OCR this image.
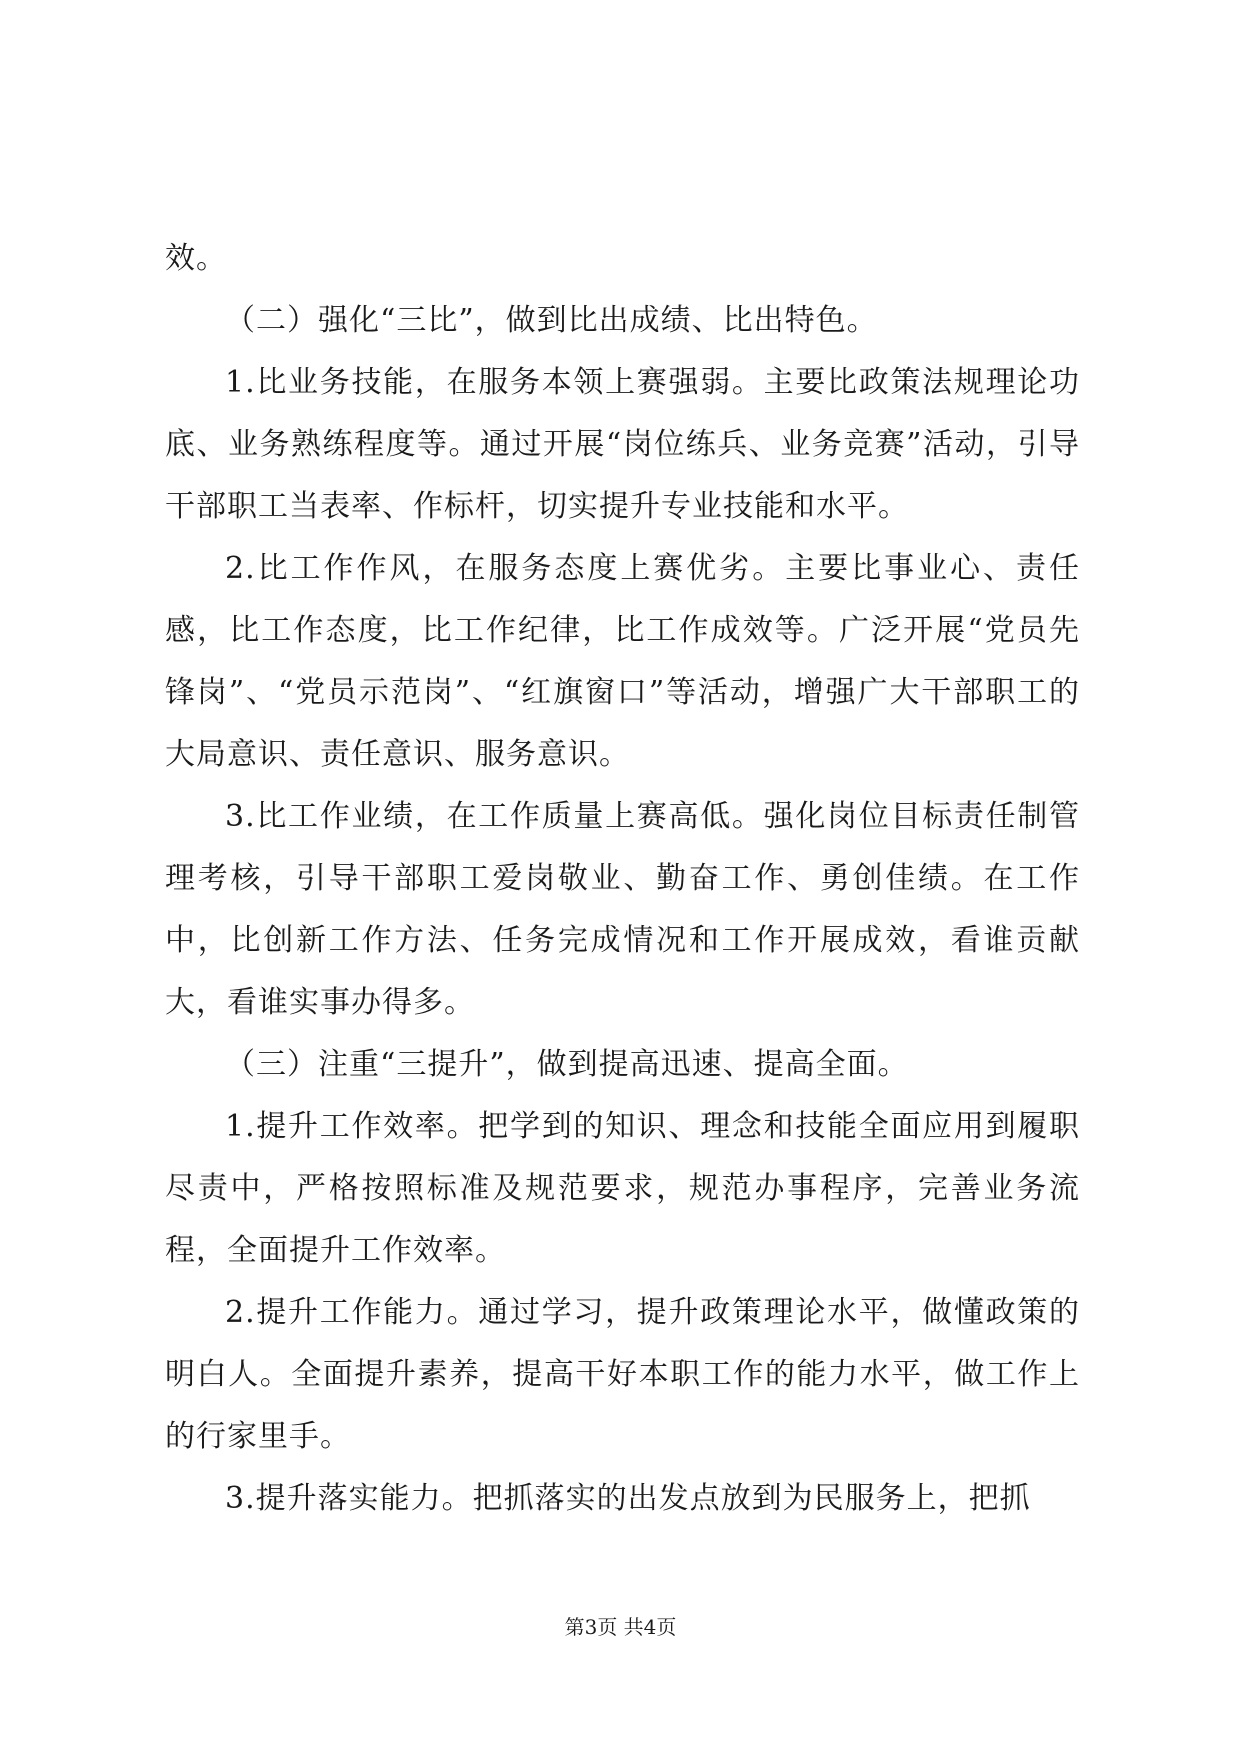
效。

（二）强化“三比”，做到比出成绩、比出特色。

1.比业务技能，在服务本领上赛强弱。主要比政策法规理论功底、业务熟练程度等。通过开展“岗位练兵、业务竞赛”活动，引导干部职工当表率、作标杆，切实提升专业技能和水平。

2.比工作作风，在服务态度上赛优劣。主要比事业心、责任感，比工作态度，比工作纪律，比工作成效等。广泛开展“党员先锋岗”、“党员示范岗”、“红旗窗口”等活动，增强广大干部职工的大局意识、责任意识、服务意识。

3.比工作业绩，在工作质量上赛高低。强化岗位目标责任制管理考核，引导干部职工爱岗敬业、勤奋工作、勇创佳绩。在工作中，比创新工作方法、任务完成情况和工作开展成效，看谁贡献大，看谁实事办得多。

（三）注重“三提升”，做到提高迅速、提高全面。

1.提升工作效率。把学到的知识、理念和技能全面应用到履职尽责中，严格按照标准及规范要求，规范办事程序，完善业务流程，全面提升工作效率。

2.提升工作能力。通过学习，提升政策理论水平，做懂政策的明白人。全面提升素养，提高干好本职工作的能力水平，做工作上的行家里手。

3.提升落实能力。把抓落实的出发点放到为民服务上，把抓

第3页 共4页
